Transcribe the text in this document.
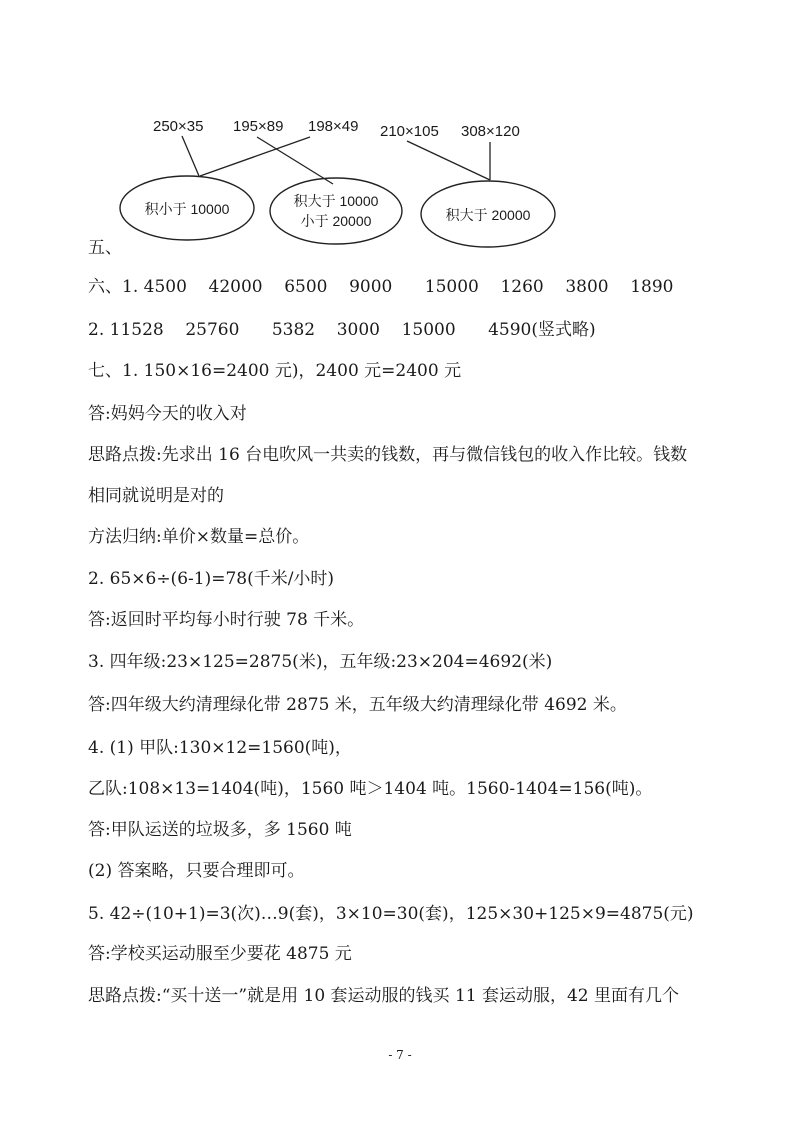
250×35 195×89 198×49 210×105 308×120
积小于 10000	积大于 10000
小于 20000	积大于 20000
五、
六、1. 4500    42000    6500    9000      15000    1260    3800    1890
2. 11528    25760      5382    3000    15000      4590(竖式略)
七、1. 150×16=2400 元)，2400 元=2400 元
答:妈妈今天的收入对
思路点拨:先求出 16 台电吹风一共卖的钱数，再与微信钱包的收入作比较。钱数
相同就说明是对的
方法归纳:单价×数量=总价。
2. 65×6÷(6-1)=78(千米/小时)
答:返回时平均每小时行驶 78 千米。
3. 四年级:23×125=2875(米)，五年级:23×204=4692(米)
答:四年级大约清理绿化带 2875 米，五年级大约清理绿化带 4692 米。
4. (1) 甲队:130×12=1560(吨)，
乙队:108×13=1404(吨)，1560 吨＞1404 吨。1560-1404=156(吨)。
答:甲队运送的垃圾多，多 1560 吨
(2) 答案略，只要合理即可。
5. 42÷(10+1)=3(次)…9(套)，3×10=30(套)，125×30+125×9=4875(元)
答:学校买运动服至少要花 4875 元
思路点拨:“买十送一”就是用 10 套运动服的钱买 11 套运动服，42 里面有几个
- 7 -
